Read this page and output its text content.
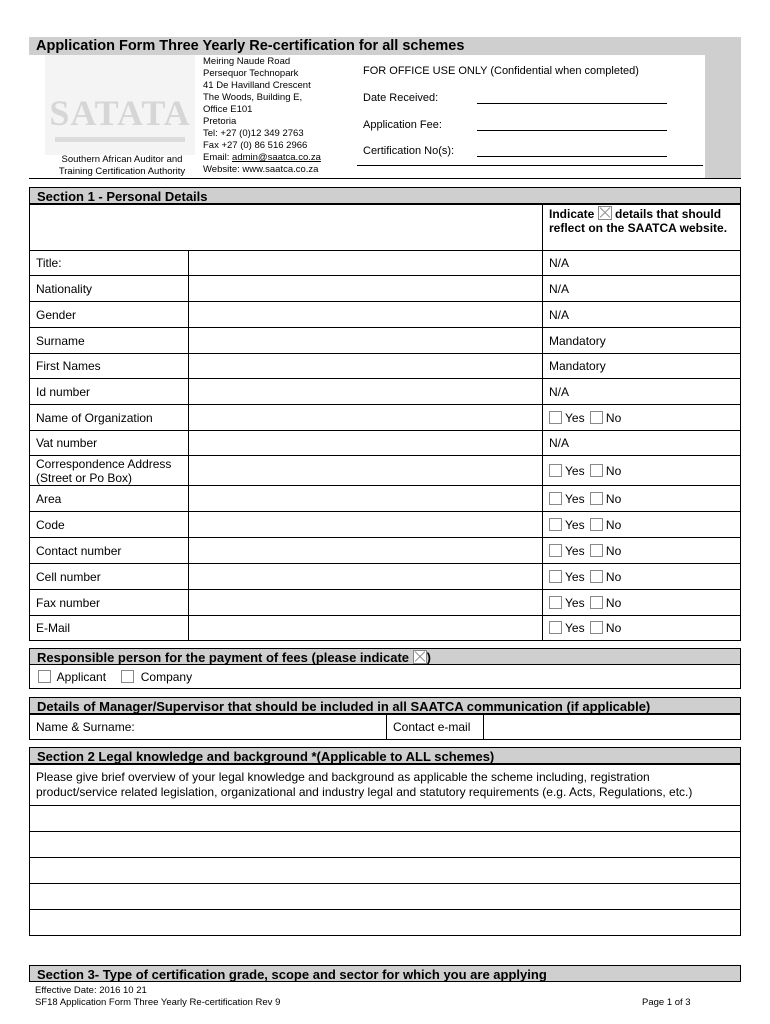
Application Form Three Yearly Re-certification for all schemes
SATATA
Meiring Naude Road
Persequor Technopark
41 De Havilland Crescent
The Woods, Building E,
Office E101
Pretoria
Tel: +27 (0)12 349 2763
Fax +27 (0) 86 516 2966
Email: admin@saatca.co.za
Website: www.saatca.co.za
Southern African Auditor and
Training Certification Authority
FOR OFFICE USE ONLY (Confidential when completed)
Date Received:
Application Fee:
Certification No(s):
Section 1 - Personal Details
		Indicate details that should reflect on the SAATCA website.
Title:		N/A
Nationality		N/A
Gender		N/A
Surname		Mandatory
First Names		Mandatory
Id number		N/A
Name of Organization		Yes No
Vat number		N/A
Correspondence Address (Street or Po Box)		Yes No
Area		Yes No
Code		Yes No
Contact number		Yes No
Cell number		Yes No
Fax number		Yes No
E-Mail		Yes No
Responsible person for the payment of fees (please indicate )
Applicant	Company
Details of Manager/Supervisor that should be included in all SAATCA communication (if applicable)
Name & Surname:	Contact e-mail	
Section 2 Legal knowledge and background *(Applicable to ALL schemes)
Please give brief overview of your legal knowledge and background as applicable the scheme including, registration product/service related legislation, organizational and industry legal and statutory requirements (e.g. Acts, Regulations, etc.)

Section 3- Type of certification grade, scope and sector for which you are applying
Effective Date: 2016 10 21
SF18 Application Form Three Yearly Re-certification Rev 9	Page 1 of 3
